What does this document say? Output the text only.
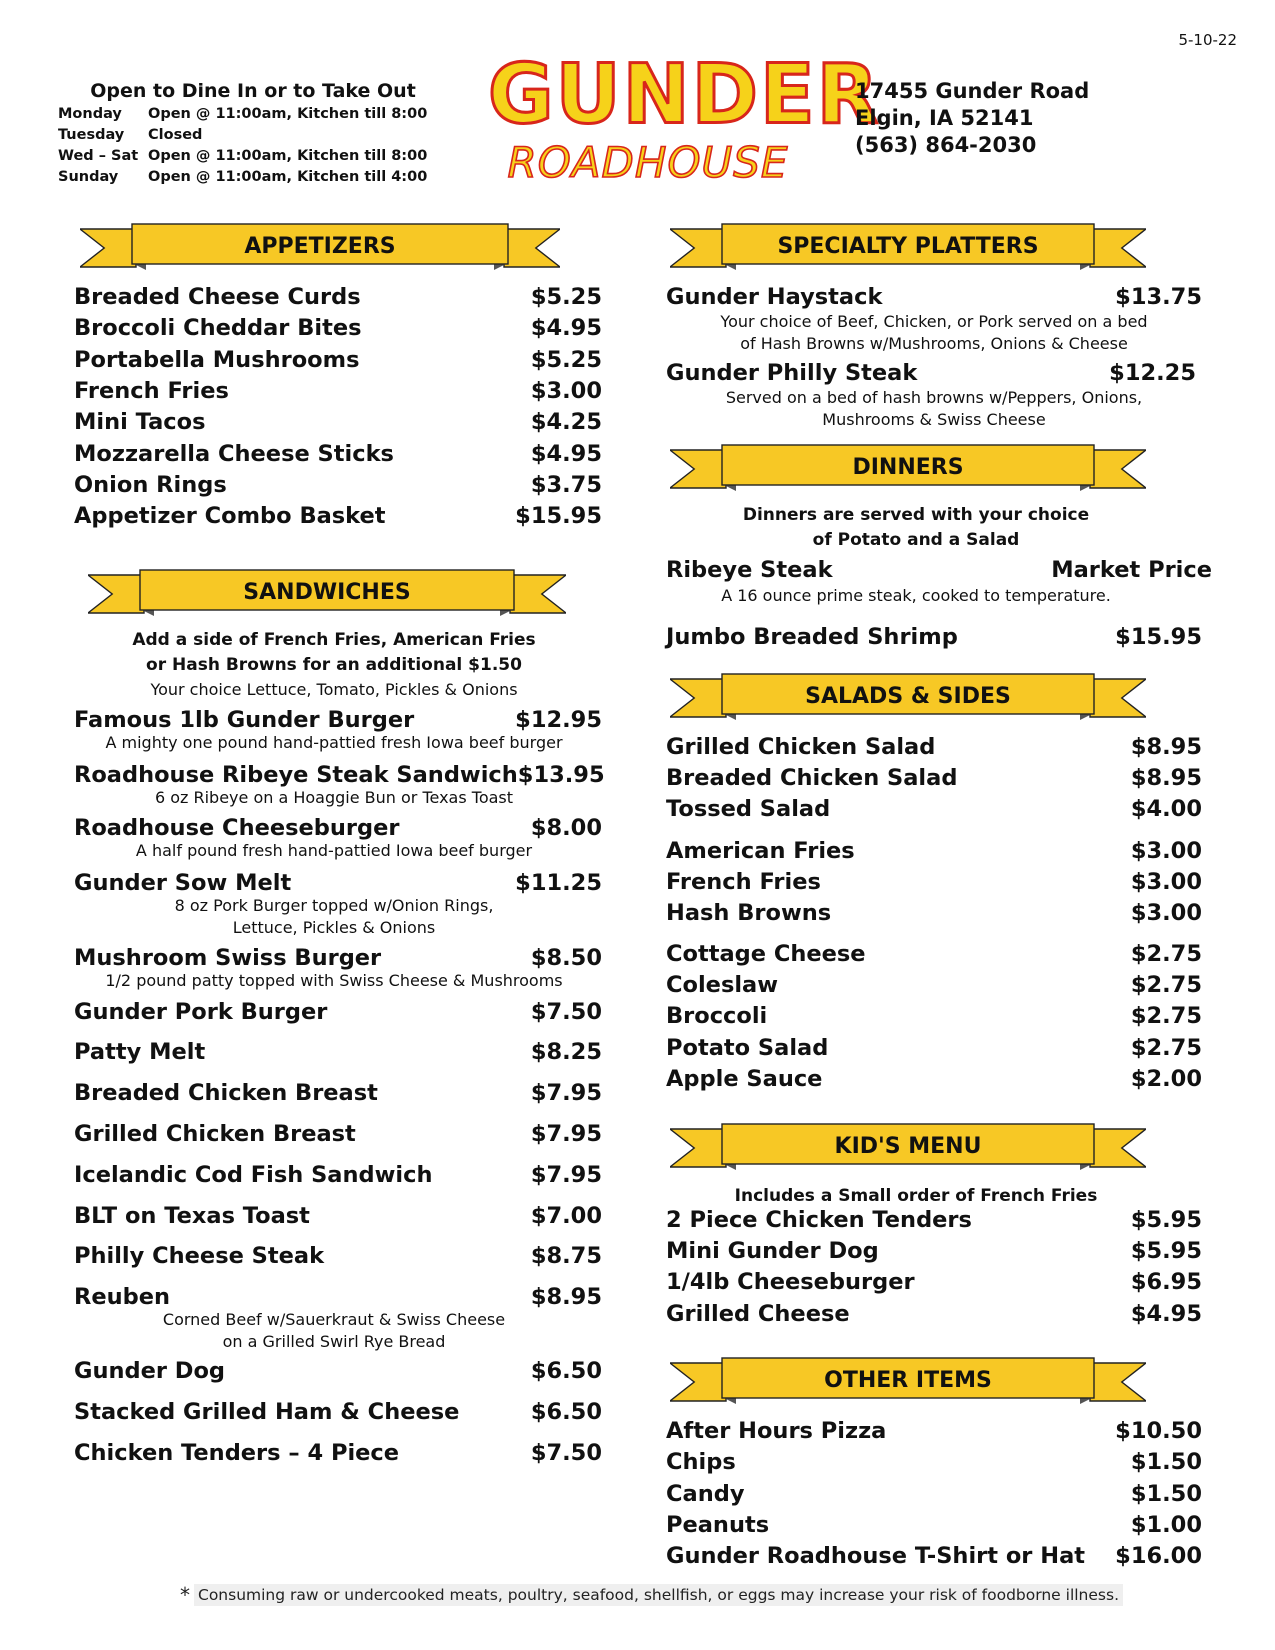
5-10-22
Open to Dine In or to Take Out
Monday	Open @ 11:00am, Kitchen till 8:00
Tuesday	Closed
Wed – Sat Open @ 11:00am, Kitchen till 8:00
Sunday	Open @ 11:00am, Kitchen till 4:00
GUNDER
ROADHOUSE
17455 Gunder Road
Elgin, IA 52141
(563) 864-2030
APPETIZERS
Breaded Cheese Curds	$5.25
Broccoli Cheddar Bites	$4.95
Portabella Mushrooms	$5.25
French Fries	$3.00
Mini Tacos	$4.25
Mozzarella Cheese Sticks	$4.95
Onion Rings	$3.75
Appetizer Combo Basket	$15.95
SANDWICHES
Add a side of French Fries, American Fries
or Hash Browns for an additional $1.50
Your choice Lettuce, Tomato, Pickles & Onions
Famous 1lb Gunder Burger	$12.95
A mighty one pound hand-pattied fresh Iowa beef burger
Roadhouse Ribeye Steak Sandwich $13.95
6 oz Ribeye on a Hoaggie Bun or Texas Toast
Roadhouse Cheeseburger	$8.00
A half pound fresh hand-pattied Iowa beef burger
Gunder Sow Melt	$11.25
8 oz Pork Burger topped w/Onion Rings,
Lettuce, Pickles & Onions
Mushroom Swiss Burger	$8.50
1/2 pound patty topped with Swiss Cheese & Mushrooms
Gunder Pork Burger	$7.50
Patty Melt	$8.25
Breaded Chicken Breast	$7.95
Grilled Chicken Breast	$7.95
Icelandic Cod Fish Sandwich	$7.95
BLT on Texas Toast	$7.00
Philly Cheese Steak	$8.75
Reuben	$8.95
Corned Beef w/Sauerkraut & Swiss Cheese
on a Grilled Swirl Rye Bread
Gunder Dog	$6.50
Stacked Grilled Ham & Cheese	$6.50
Chicken Tenders – 4 Piece	$7.50
SPECIALTY PLATTERS
Gunder Haystack	$13.75
Your choice of Beef, Chicken, or Pork served on a bed
of Hash Browns w/Mushrooms, Onions & Cheese
Gunder Philly Steak	$12.25
Served on a bed of hash browns w/Peppers, Onions,
Mushrooms & Swiss Cheese
DINNERS
Dinners are served with your choice
of Potato and a Salad
Ribeye Steak	Market Price
A 16 ounce prime steak, cooked to temperature.
Jumbo Breaded Shrimp	$15.95
SALADS & SIDES
Grilled Chicken Salad	$8.95
Breaded Chicken Salad	$8.95
Tossed Salad	$4.00
American Fries	$3.00
French Fries	$3.00
Hash Browns	$3.00
Cottage Cheese	$2.75
Coleslaw	$2.75
Broccoli	$2.75
Potato Salad	$2.75
Apple Sauce	$2.00
KID'S MENU
Includes a Small order of French Fries
2 Piece Chicken Tenders	$5.95
Mini Gunder Dog	$5.95
1/4lb Cheeseburger	$6.95
Grilled Cheese	$4.95
OTHER ITEMS
After Hours Pizza	$10.50
Chips	$1.50
Candy	$1.50
Peanuts	$1.00
Gunder Roadhouse T-Shirt or Hat $16.00
* Consuming raw or undercooked meats, poultry, seafood, shellfish, or eggs may increase your risk of foodborne illness.
